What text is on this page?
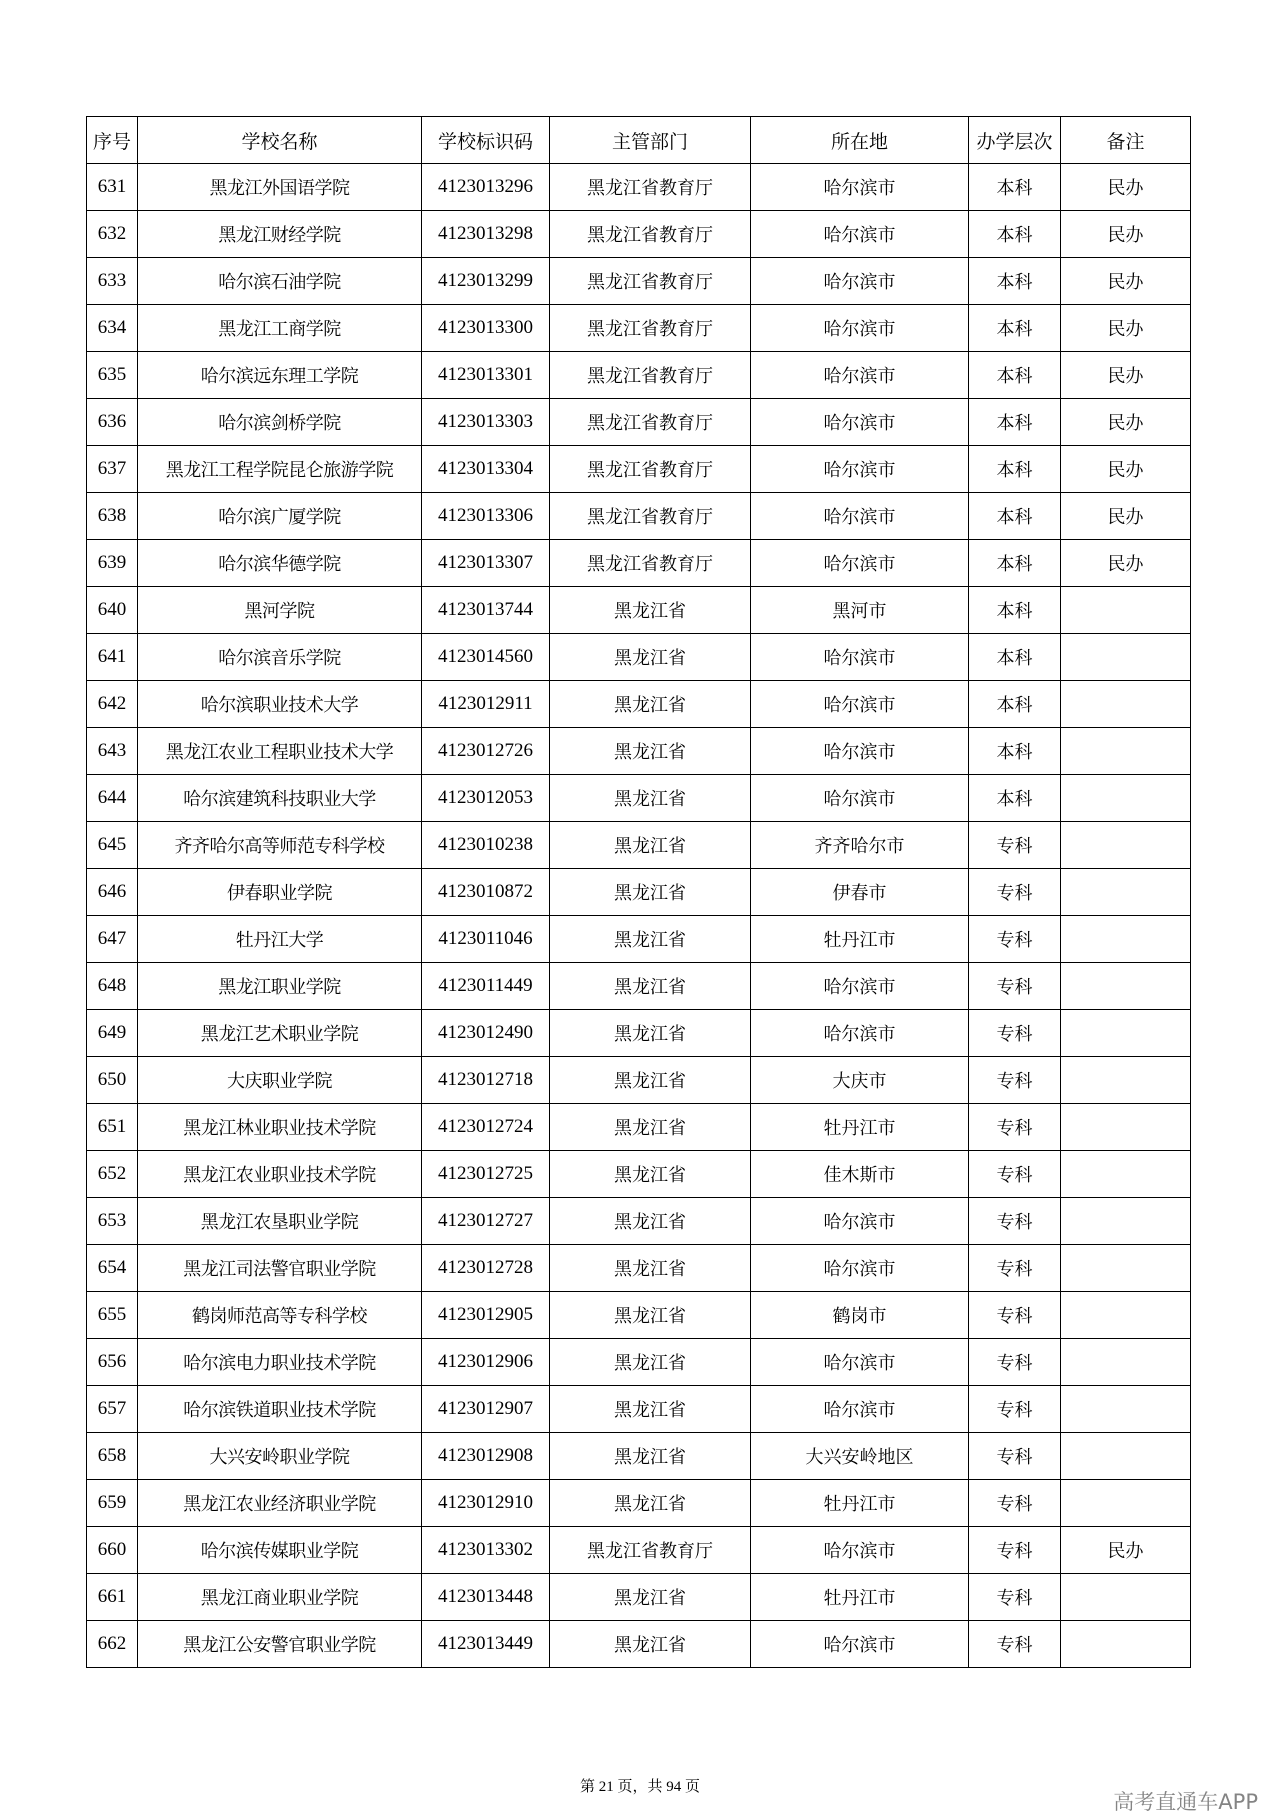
序号	学校名称	学校标识码	主管部门	所在地	办学层次	备注
631	黑龙江外国语学院	4123013296	黑龙江省教育厅	哈尔滨市	本科	民办
632	黑龙江财经学院	4123013298	黑龙江省教育厅	哈尔滨市	本科	民办
633	哈尔滨石油学院	4123013299	黑龙江省教育厅	哈尔滨市	本科	民办
634	黑龙江工商学院	4123013300	黑龙江省教育厅	哈尔滨市	本科	民办
635	哈尔滨远东理工学院	4123013301	黑龙江省教育厅	哈尔滨市	本科	民办
636	哈尔滨剑桥学院	4123013303	黑龙江省教育厅	哈尔滨市	本科	民办
637	黑龙江工程学院昆仑旅游学院	4123013304	黑龙江省教育厅	哈尔滨市	本科	民办
638	哈尔滨广厦学院	4123013306	黑龙江省教育厅	哈尔滨市	本科	民办
639	哈尔滨华德学院	4123013307	黑龙江省教育厅	哈尔滨市	本科	民办
640	黑河学院	4123013744	黑龙江省	黑河市	本科	
641	哈尔滨音乐学院	4123014560	黑龙江省	哈尔滨市	本科	
642	哈尔滨职业技术大学	4123012911	黑龙江省	哈尔滨市	本科	
643	黑龙江农业工程职业技术大学	4123012726	黑龙江省	哈尔滨市	本科	
644	哈尔滨建筑科技职业大学	4123012053	黑龙江省	哈尔滨市	本科	
645	齐齐哈尔高等师范专科学校	4123010238	黑龙江省	齐齐哈尔市	专科	
646	伊春职业学院	4123010872	黑龙江省	伊春市	专科	
647	牡丹江大学	4123011046	黑龙江省	牡丹江市	专科	
648	黑龙江职业学院	4123011449	黑龙江省	哈尔滨市	专科	
649	黑龙江艺术职业学院	4123012490	黑龙江省	哈尔滨市	专科	
650	大庆职业学院	4123012718	黑龙江省	大庆市	专科	
651	黑龙江林业职业技术学院	4123012724	黑龙江省	牡丹江市	专科	
652	黑龙江农业职业技术学院	4123012725	黑龙江省	佳木斯市	专科	
653	黑龙江农垦职业学院	4123012727	黑龙江省	哈尔滨市	专科	
654	黑龙江司法警官职业学院	4123012728	黑龙江省	哈尔滨市	专科	
655	鹤岗师范高等专科学校	4123012905	黑龙江省	鹤岗市	专科	
656	哈尔滨电力职业技术学院	4123012906	黑龙江省	哈尔滨市	专科	
657	哈尔滨铁道职业技术学院	4123012907	黑龙江省	哈尔滨市	专科	
658	大兴安岭职业学院	4123012908	黑龙江省	大兴安岭地区	专科	
659	黑龙江农业经济职业学院	4123012910	黑龙江省	牡丹江市	专科	
660	哈尔滨传媒职业学院	4123013302	黑龙江省教育厅	哈尔滨市	专科	民办
661	黑龙江商业职业学院	4123013448	黑龙江省	牡丹江市	专科	
662	黑龙江公安警官职业学院	4123013449	黑龙江省	哈尔滨市	专科	
第 21 页，共 94 页
高考直通车APP
